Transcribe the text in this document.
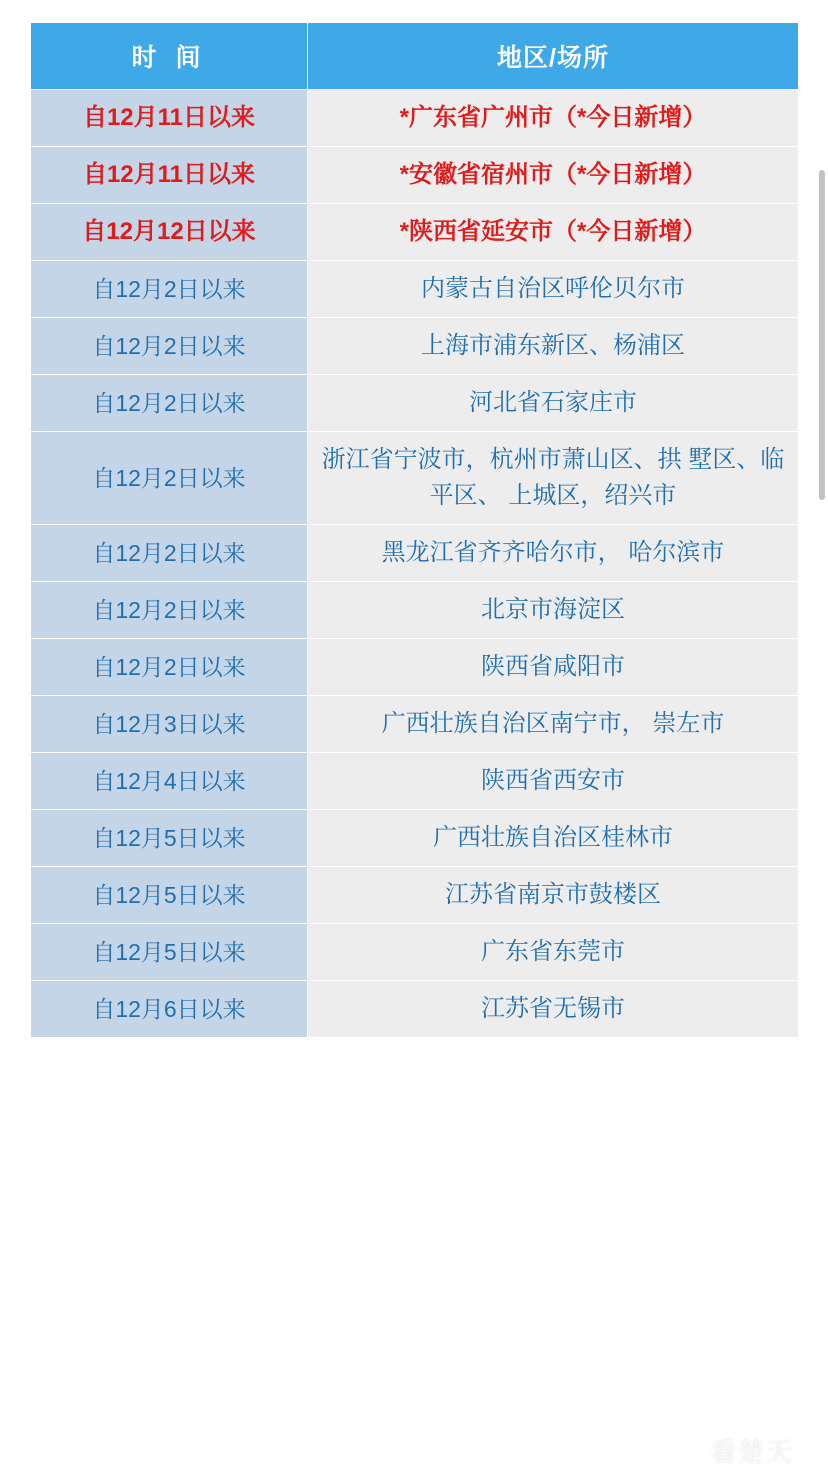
时 间	地区/场所
自12月11日以来	*广东省广州市（*今日新增）
自12月11日以来	*安徽省宿州市（*今日新增）
自12月12日以来	*陕西省延安市（*今日新增）
自12月2日以来	内蒙古自治区呼伦贝尔市
自12月2日以来	上海市浦东新区、杨浦区
自12月2日以来	河北省石家庄市
自12月2日以来	浙江省宁波市，杭州市萧山区、拱 墅区、临平区、 上城区，绍兴市
自12月2日以来	黑龙江省齐齐哈尔市， 哈尔滨市
自12月2日以来	北京市海淀区
自12月2日以来	陕西省咸阳市
自12月3日以来	广西壮族自治区南宁市， 崇左市
自12月4日以来	陕西省西安市
自12月5日以来	广西壮族自治区桂林市
自12月5日以来	江苏省南京市鼓楼区
自12月5日以来	广东省东莞市
自12月6日以来	江苏省无锡市
看楚天
